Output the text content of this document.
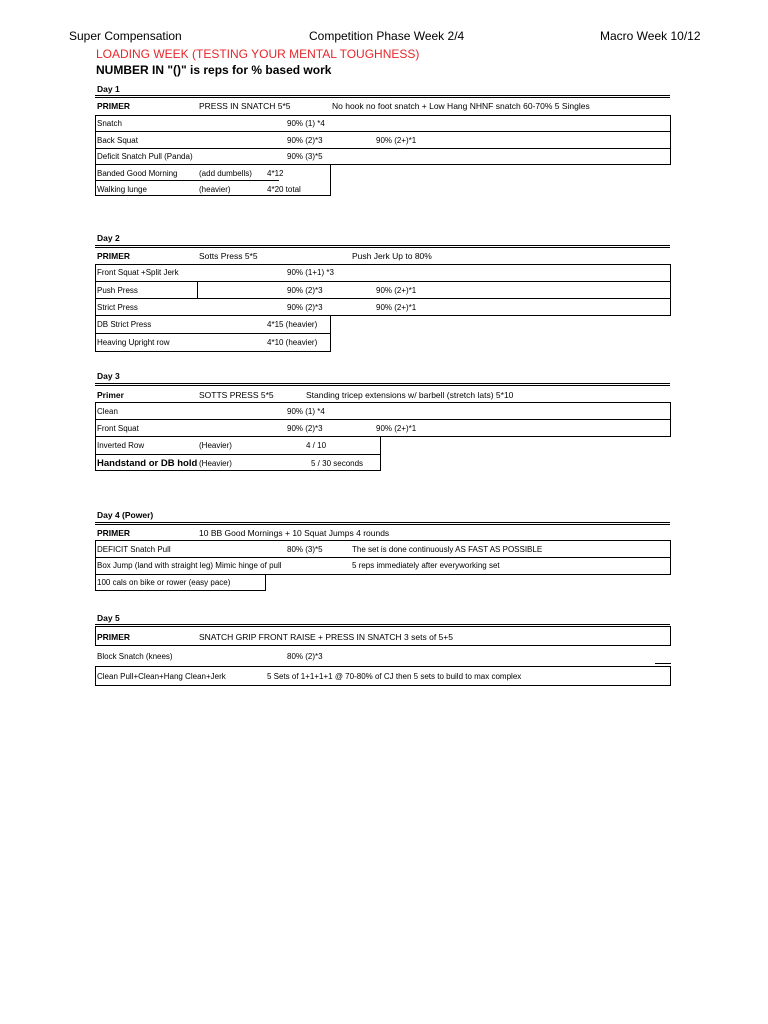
Super Compensation	Competition Phase Week 2/4	Macro Week 10/12
LOADING WEEK (TESTING YOUR MENTAL TOUGHNESS)
NUMBER IN "()" is reps for % based work
Day 1
PRIMER	PRESS IN SNATCH 5*5	No hook no foot snatch + Low Hang NHNF snatch 60-70% 5 Singles
Snatch	90% (1) *4
Back Squat	90% (2)*3	90% (2+)*1
Deficit Snatch Pull (Panda)	90% (3)*5
Banded Good Morning	(add dumbells) 4*12
Walking lunge	(heavier)	4*20 total
Day 2
PRIMER	Sotts Press 5*5	Push Jerk Up to 80%
Front Squat +Split Jerk	90% (1+1) *3
Push Press	90% (2)*3	90% (2+)*1
Strict Press	90% (2)*3	90% (2+)*1
DB Strict Press	4*15 (heavier)
Heaving Upright row	4*10 (heavier)
Day 3
Primer	SOTTS PRESS 5*5	Standing tricep extensions w/ barbell (stretch lats) 5*10
Clean	90% (1) *4
Front Squat	90% (2)*3	90% (2+)*1
Inverted Row	(Heavier)	4 / 10
Handstand or DB hold (Heavier)	5 / 30 seconds
Day 4 (Power)
PRIMER	10 BB Good Mornings + 10 Squat Jumps 4 rounds
DEFICIT Snatch Pull	80% (3)*5	The set is done continuously AS FAST AS POSSIBLE
Box Jump (land with straight leg) Mimic hinge of pull	5 reps immediately after everyworking set
100 cals on bike or rower (easy pace)
Day 5
PRIMER	SNATCH GRIP FRONT RAISE + PRESS IN SNATCH 3 sets of 5+5
Block Snatch (knees)	80% (2)*3
Clean Pull+Clean+Hang Clean+Jerk	5 Sets of 1+1+1+1 @ 70-80% of CJ then 5 sets to build to max complex
